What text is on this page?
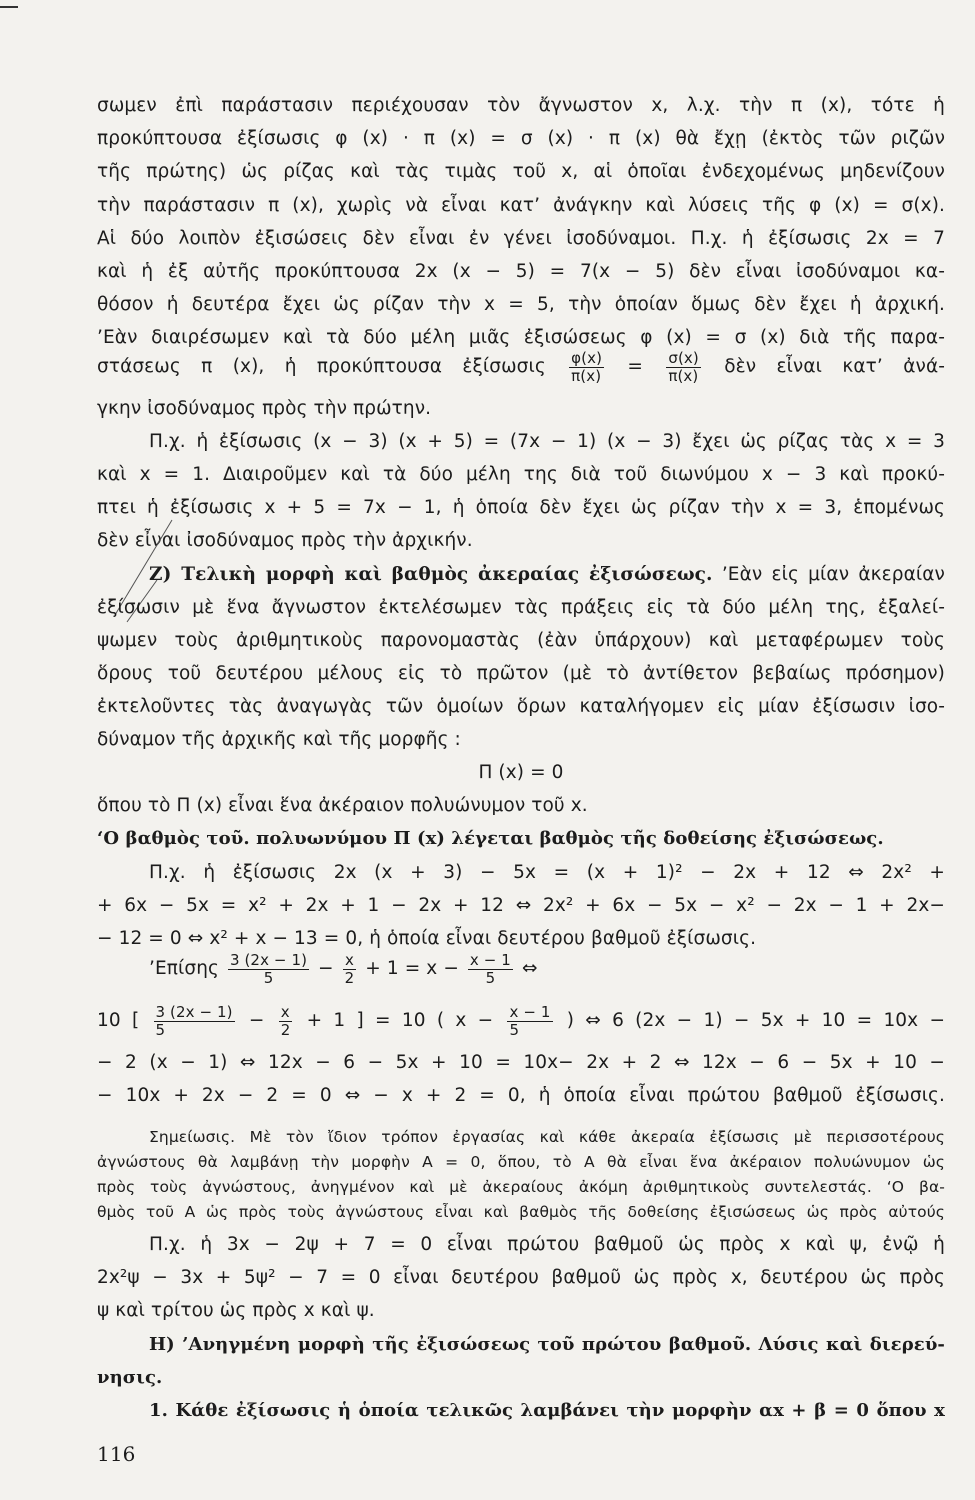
σωμεν ἐπὶ παράστασιν περιέχουσαν τὸν ἄγνωστον x, λ.χ. τὴν π (x), τότε ἡ
προκύπτουσα ἐξίσωσις φ (x) · π (x) = σ (x) · π (x) θὰ ἔχῃ (ἐκτὸς τῶν ριζῶν
τῆς πρώτης) ὡς ρίζας καὶ τὰς τιμὰς τοῦ x, αἱ ὁποῖαι ἐνδεχομένως μηδενίζουν
τὴν παράστασιν π (x), χωρὶς νὰ εἶναι κατ’ ἀνάγκην καὶ λύσεις τῆς φ (x) = σ(x).
Αἱ δύο λοιπὸν ἐξισώσεις δὲν εἶναι ἐν γένει ἰσοδύναμοι. Π.χ. ἡ ἐξίσωσις 2x = 7
καὶ ἡ ἐξ αὐτῆς προκύπτουσα 2x (x − 5) = 7(x − 5) δὲν εἶναι ἰσοδύναμοι κα-
θόσον ἡ δευτέρα ἔχει ὡς ρίζαν τὴν x = 5, τὴν ὁποίαν ὅμως δὲν ἔχει ἡ ἀρχική.
’Εὰν διαιρέσωμεν καὶ τὰ δύο μέλη μιᾶς ἐξισώσεως φ (x) = σ (x) διὰ τῆς παρα-
στάσεως π (x), ἡ προκύπτουσα ἐξίσωσις $\frac{\varphi(x)}{\pi(x)} = \frac{\sigma(x)}{\pi(x)}$ δὲν εἶναι κατ’ ἀνά-
γκην ἰσοδύναμος πρὸς τὴν πρώτην.
Π.χ. ἡ ἐξίσωσις (x − 3) (x + 5) = (7x − 1) (x − 3) ἔχει ὡς ρίζας τὰς x = 3
καὶ x = 1. Διαιροῦμεν καὶ τὰ δύο μέλη της διὰ τοῦ διωνύμου x − 3 καὶ προκύ-
πτει ἡ ἐξίσωσις x + 5 = 7x − 1, ἡ ὁποία δὲν ἔχει ὡς ρίζαν τὴν x = 3, ἑπομένως
δὲν εἶναι ἰσοδύναμος πρὸς τὴν ἀρχικήν.
Ζ) Τελικὴ μορφὴ καὶ βαθμὸς ἀκεραίας ἐξισώσεως. ’Εὰν εἰς μίαν ἀκεραίαν
ἐξίσωσιν μὲ ἕνα ἄγνωστον ἐκτελέσωμεν τὰς πράξεις εἰς τὰ δύο μέλη της, ἐξαλεί-
ψωμεν τοὺς ἀριθμητικοὺς παρονομαστὰς (ἐὰν ὑπάρχουν) καὶ μεταφέρωμεν τοὺς
ὅρους τοῦ δευτέρου μέλους εἰς τὸ πρῶτον (μὲ τὸ ἀντίθετον βεβαίως πρόσημον)
ἐκτελοῦντες τὰς ἀναγωγὰς τῶν ὁμοίων ὅρων καταλήγομεν εἰς μίαν ἐξίσωσιν ἰσο-
δύναμον τῆς ἀρχικῆς καὶ τῆς μορφῆς :
Π (x) = 0
ὅπου τὸ Π (x) εἶναι ἕνα ἀκέραιον πολυώνυμον τοῦ x.
‘Ο βαθμὸς τοῦ. πολυωνύμου Π (x) λέγεται βαθμὸς τῆς δοθείσης ἐξισώσεως.
Π.χ. ἡ ἐξίσωσις 2x (x + 3) − 5x = (x + 1)² − 2x + 12 ⇔ 2x² +
+ 6x − 5x = x² + 2x + 1 − 2x + 12 ⇔ 2x² + 6x − 5x − x² − 2x − 1 + 2x−
− 12 = 0 ⇔ x² + x − 13 = 0, ἡ ὁποία εἶναι δευτέρου βαθμοῦ ἐξίσωσις.
’Επίσης $\frac{3 (2x - 1)}{5} - \frac{x}{2} + 1 = x - \frac{x - 1}{5}$ ⇔
10 [ $\frac{3 (2x - 1)}{5} - \frac{x}{2} + 1$ ] = 10 ( $x - \frac{x - 1}{5}$ ) ⇔ 6 (2x − 1) − 5x + 10 = 10x −
− 2 (x − 1) ⇔ 12x − 6 − 5x + 10 = 10x− 2x + 2 ⇔ 12x − 6 − 5x + 10 −
− 10x + 2x − 2 = 0 ⇔ − x + 2 = 0, ἡ ὁποία εἶναι πρώτου βαθμοῦ ἐξίσωσις.
Σημείωσις. Μὲ τὸν ἴδιον τρόπον ἐργασίας καὶ κάθε ἀκεραία ἐξίσωσις μὲ περισσοτέρους
ἀγνώστους θὰ λαμβάνῃ τὴν μορφὴν Α = 0, ὅπου, τὸ Α θὰ εἶναι ἕνα ἀκέραιον πολυώνυμον ὡς
πρὸς τοὺς ἀγνώστους, ἀνηγμένον καὶ μὲ ἀκεραίους ἀκόμη ἀριθμητικοὺς συντελεστάς. ‘Ο βα-
θμὸς τοῦ Α ὡς πρὸς τοὺς ἀγνώστους εἶναι καὶ βαθμὸς τῆς δοθείσης ἐξισώσεως ὡς πρὸς αὐτούς
Π.χ. ἡ 3x − 2ψ + 7 = 0 εἶναι πρώτου βαθμοῦ ὡς πρὸς x καὶ ψ, ἐνῷ ἡ
2x²ψ − 3x + 5ψ² − 7 = 0 εἶναι δευτέρου βαθμοῦ ὡς πρὸς x, δευτέρου ὡς πρὸς
ψ καὶ τρίτου ὡς πρὸς x καὶ ψ.
Η) ’Ανηγμένη μορφὴ τῆς ἐξισώσεως τοῦ πρώτου βαθμοῦ. Λύσις καὶ διερεύ-
νησις.
1. Κάθε ἐξίσωσις ἡ ὁποία τελικῶς λαμβάνει τὴν μορφὴν αx + β = 0 ὅπου x
116
